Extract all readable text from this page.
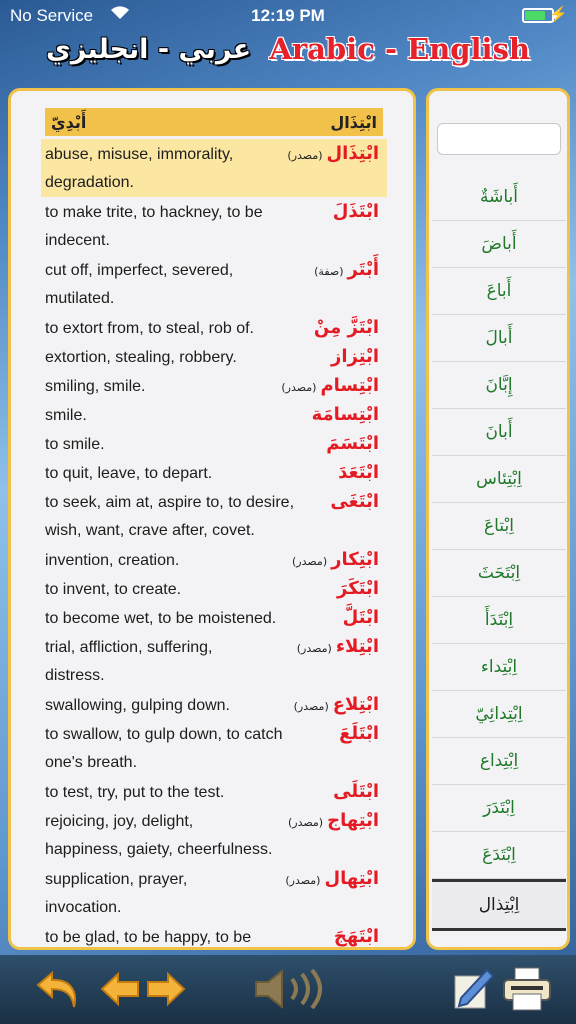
No Service	12:19 PM	⚡
عربي - انجليزي Arabic - English
أَبْدِيّ	ابْتِذَال
abuse, misuse, immorality,	ابْتِذَال(مصدر)
degradation.
to make trite, to hackney, to be	ابْتَذَلَ
indecent.
cut off, imperfect, severed,	أَبْتَر(صفة)
mutilated.
to extort from, to steal, rob of.	ابْتَزَّ مِنْ
extortion, stealing, robbery.	ابْتِزاز
smiling, smile.	ابْتِسام(مصدر)
smile.	ابْتِسامَة
to smile.	ابْتَسَمَ
to quit, leave, to depart.	ابْتَعَدَ
to seek, aim at, aspire to, to desire, ابْتَغَى
wish, want, crave after, covet.
invention, creation.	ابْتِكار(مصدر)
to invent, to create.	ابْتَكَرَ
to become wet, to be moistened.	ابْتَلَّ
trial, affliction, suffering,	ابْتِلاء(مصدر)
distress.
swallowing, gulping down.	ابْتِلاع(مصدر)
to swallow, to gulp down, to catch	ابْتَلَعَ
one's breath.
to test, try, put to the test.	ابْتَلَى
rejoicing, joy, delight,	ابْتِهاج(مصدر)
happiness, gaiety, cheerfulness.
supplication, prayer,	ابْتِهال(مصدر)
invocation.
to be glad, to be happy, to be	ابْتَهَجَ
أَباشَةٌ
أَباضَ
أَباعَ
أَبالَ
إِبَّانَ
أَبانَ
اِبْتِئاس
اِبْتاعَ
اِبْتَحَثَ
اِبْتَدَأَ
اِبْتِداء
اِبْتِدائِيّ
اِبْتِداع
اِبْتَدَرَ
اِبْتَدَعَ
اِبْتِذال
